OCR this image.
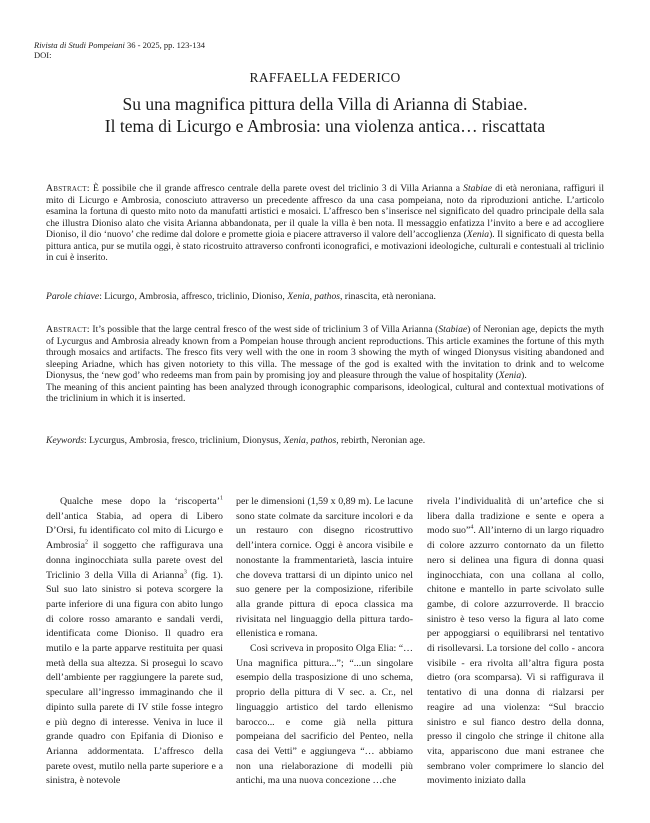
Rivista di Studi Pompeiani 36 - 2025, pp. 123-134
DOI:
RAFFAELLA FEDERICO
Su una magnifica pittura della Villa di Arianna di Stabiae.
Il tema di Licurgo e Ambrosia: una violenza antica… riscattata

Abstract: È possibile che il grande affresco centrale della parete ovest del triclinio 3 di Villa Arianna a Stabiae di età neroniana, raffiguri il mito di Licurgo e Ambrosia, conosciuto attraverso un precedente affresco da una casa pompeiana, noto da riproduzioni antiche. L’articolo esamina la fortuna di questo mito noto da manufatti artistici e mosaici. L’affresco ben s’inserisce nel significato del quadro principale della sala che illustra Dioniso alato che visita Arianna abbandonata, per il quale la villa è ben nota. Il messaggio enfatizza l’invito a bere e ad accogliere Dioniso, il dio ‘nuovo’ che redime dal dolore e promette gioia e piacere attraverso il valore dell’accoglienza (Xenia). Il significato di questa bella pittura antica, pur se mutila oggi, è stato ricostruito attraverso confronti iconografici, e motivazioni ideologiche, culturali e contestuali al triclinio in cui è inserito.

Parole chiave: Licurgo, Ambrosia, affresco, triclinio, Dioniso, Xenia, pathos, rinascita, età neroniana.

Abstract: It’s possible that the large central fresco of the west side of triclinium 3 of Villa Arianna (Stabiae) of Neronian age, depicts the myth of Lycurgus and Ambrosia already known from a Pompeian house through ancient reproductions. This article examines the fortune of this myth through mosaics and artifacts. The fresco fits very well with the one in room 3 showing the myth of winged Dionysus visiting abandoned and sleeping Ariadne, which has given notoriety to this villa. The message of the god is exalted with the invitation to drink and to welcome Dionysus, the ‘new god’ who redeems man from pain by promising joy and pleasure through the value of hospitality (Xenia).

The meaning of this ancient painting has been analyzed through iconographic comparisons, ideological, cultural and contextual motivations of the triclinium in which it is inserted.

Keywords: Lycurgus, Ambrosia, fresco, triclinium, Dionysus, Xenia, pathos, rebirth, Neronian age.

Qualche mese dopo la ‘riscoperta’$^1$ dell’antica Stabia, ad opera di Libero D’Orsi, fu identificato col mito di Licurgo e Ambrosia$^2$ il soggetto che raffigurava una donna inginocchiata sulla parete ovest del Triclinio 3 della Villa di Arianna$^3$ (fig. 1). Sul suo lato sinistro si poteva scorgere la parte inferiore di una figura con abito lungo di colore rosso amaranto e sandali verdi, identificata come Dioniso. Il quadro era mutilo e la parte apparve restituita per quasi metà della sua altezza. Si proseguì lo scavo dell’ambiente per raggiungere la parete sud, speculare all’ingresso immaginando che il dipinto sulla parete di IV stile fosse integro e più degno di interesse. Veniva in luce il grande quadro con Epifania di Dioniso e Arianna addormentata. L’affresco della parete ovest, mutilo nella parte superiore e a sinistra, è notevole

per le dimensioni (1,59 x 0,89 m). Le lacune sono state colmate da sarciture incolori e da un restauro con disegno ricostruttivo dell’intera cornice. Oggi è ancora visibile e nonostante la frammentarietà, lascia intuire che doveva trattarsi di un dipinto unico nel suo genere per la composizione, riferibile alla grande pittura di epoca classica ma rivisitata nel linguaggio della pittura tardo-ellenistica e romana.

Così scriveva in proposito Olga Elia: “… Una magnifica pittura...”; “...un singolare esempio della trasposizione di uno schema, proprio della pittura di V sec. a. Cr., nel linguaggio artistico del tardo ellenismo barocco... e come già nella pittura pompeiana del sacrificio del Penteo, nella casa dei Vetti” e aggiungeva “… abbiamo non una rielaborazione di modelli più antichi, ma una nuova concezione …che

rivela l’individualità di un’artefice che si libera dalla tradizione e sente e opera a modo suo”$^4$. All’interno di un largo riquadro di colore azzurro contornato da un filetto nero si delinea una figura di donna quasi inginocchiata, con una collana al collo, chitone e mantello in parte scivolato sulle gambe, di colore azzurroverde. Il braccio sinistro è teso verso la figura al lato come per appoggiarsi o equilibrarsi nel tentativo di risollevarsi. La torsione del collo - ancora visibile - era rivolta all’altra figura posta dietro (ora scomparsa). Vi si raffigurava il tentativo di una donna di rialzarsi per reagire ad una violenza: “Sul braccio sinistro e sul fianco destro della donna, presso il cingolo che stringe il chitone alla vita, appariscono due mani estranee che sembrano voler comprimere lo slancio del movimento iniziato dalla
